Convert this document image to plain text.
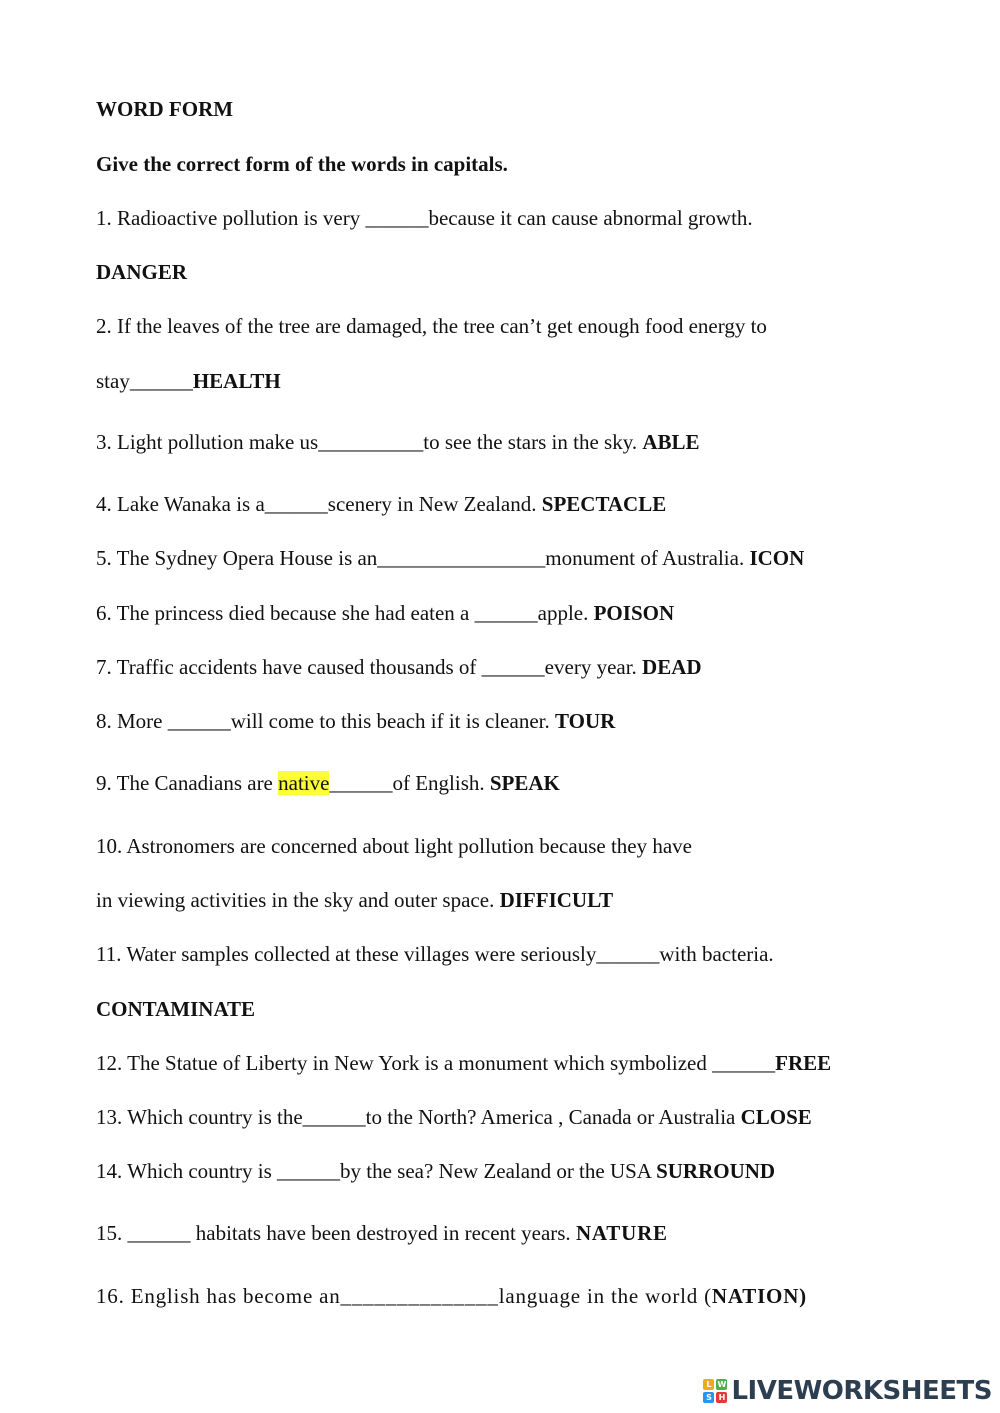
WORD FORM
Give the correct form of the words in capitals.
1. Radioactive pollution is very ______because it can cause abnormal growth.
DANGER
2. If the leaves of the tree are damaged, the tree can’t get enough food energy to
stay______HEALTH
3. Light pollution make us__________to see the stars in the sky. ABLE
4. Lake Wanaka is a______scenery in New Zealand. SPECTACLE
5. The Sydney Opera House is an________________monument of Australia. ICON
6. The princess died because she had eaten a ______apple. POISON
7. Traffic accidents have caused thousands of ______every year. DEAD
8. More ______will come to this beach if it is cleaner. TOUR
9. The Canadians are native______of English. SPEAK
10. Astronomers are concerned about light pollution because they have
in viewing activities in the sky and outer space. DIFFICULT
11. Water samples collected at these villages were seriously______with bacteria.
CONTAMINATE
12. The Statue of Liberty in New York is a monument which symbolized ______FREE
13. Which country is the______to the North? America , Canada or Australia CLOSE
14. Which country is ______by the sea? New Zealand or the USA SURROUND
15. ______ habitats have been destroyed in recent years. NATURE
16. English has become an______________language in the world (NATION)
L W
S H LIVEWORKSHEETS
